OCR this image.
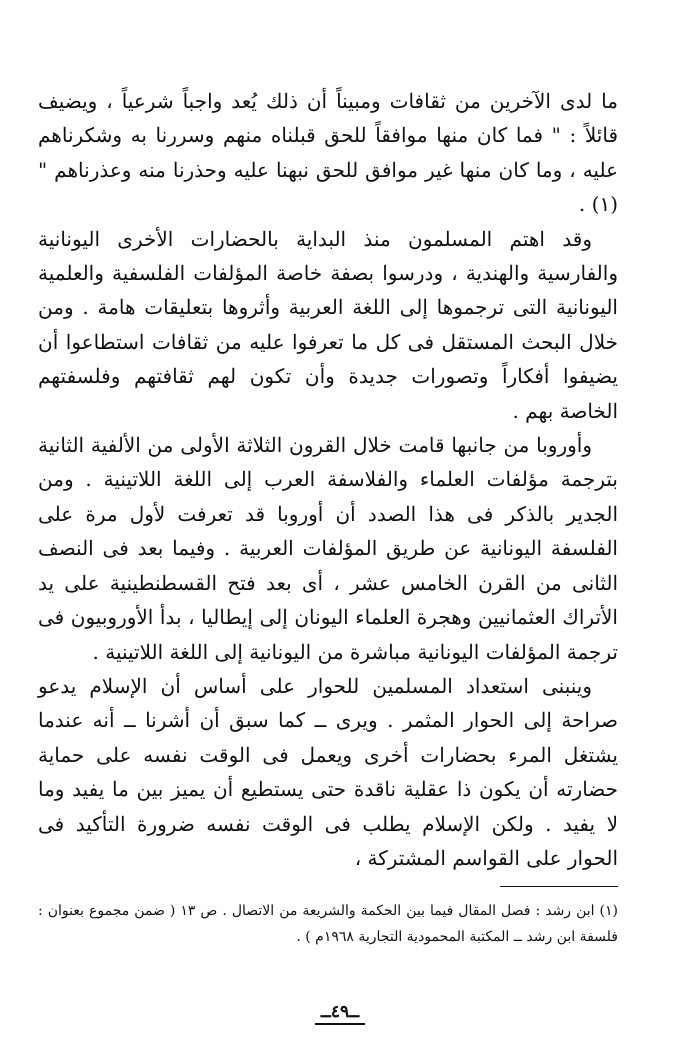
ما لدى الآخرين من ثقافات ومبيناً أن ذلك يُعد واجباً شرعياً ، ويضيف قائلاً : " فما كان منها موافقاً للحق قبلناه منهم وسررنا به وشكرناهم عليه ، وما كان منها غير موافق للحق نبهنا عليه وحذرنا منه وعذرناهم " (١) .

وقد اهتم المسلمون منذ البداية بالحضارات الأخرى اليونانية والفارسية والهندية ، ودرسوا بصفة خاصة المؤلفات الفلسفية والعلمية اليونانية التى ترجموها إلى اللغة العربية وأثروها بتعليقات هامة . ومن خلال البحث المستقل فى كل ما تعرفوا عليه من ثقافات استطاعوا أن يضيفوا أفكاراً وتصورات جديدة وأن تكون لهم ثقافتهم وفلسفتهم الخاصة بهم .

وأوروبا من جانبها قامت خلال القرون الثلاثة الأولى من الألفية الثانية بترجمة مؤلفات العلماء والفلاسفة العرب إلى اللغة اللاتينية . ومن الجدير بالذكر فى هذا الصدد أن أوروبا قد تعرفت لأول مرة على الفلسفة اليونانية عن طريق المؤلفات العربية . وفيما بعد فى النصف الثانى من القرن الخامس عشر ، أى بعد فتح القسطنطينية على يد الأتراك العثمانيين وهجرة العلماء اليونان إلى إيطاليا ، بدأ الأوروبيون فى ترجمة المؤلفات اليونانية مباشرة من اليونانية إلى اللغة اللاتينية .

وينبنى استعداد المسلمين للحوار على أساس أن الإسلام يدعو صراحة إلى الحوار المثمر . ويرى ــ كما سبق أن أشرنا ــ أنه عندما يشتغل المرء بحضارات أخرى ويعمل فى الوقت نفسه على حماية حضارته أن يكون ذا عقلية ناقدة حتى يستطيع أن يميز بين ما يفيد وما لا يفيد . ولكن الإسلام يطلب فى الوقت نفسه ضرورة التأكيد فى الحوار على القواسم المشتركة ،

(١) ابن رشد : فصل المقال فيما بين الحكمة والشريعة من الاتصال . ص ١٣ ( ضمن مجموع بعنوان : فلسفة ابن رشد ــ المكتبة المحمودية التجارية ١٩٦٨م ) .

ــ٤٩ــ
